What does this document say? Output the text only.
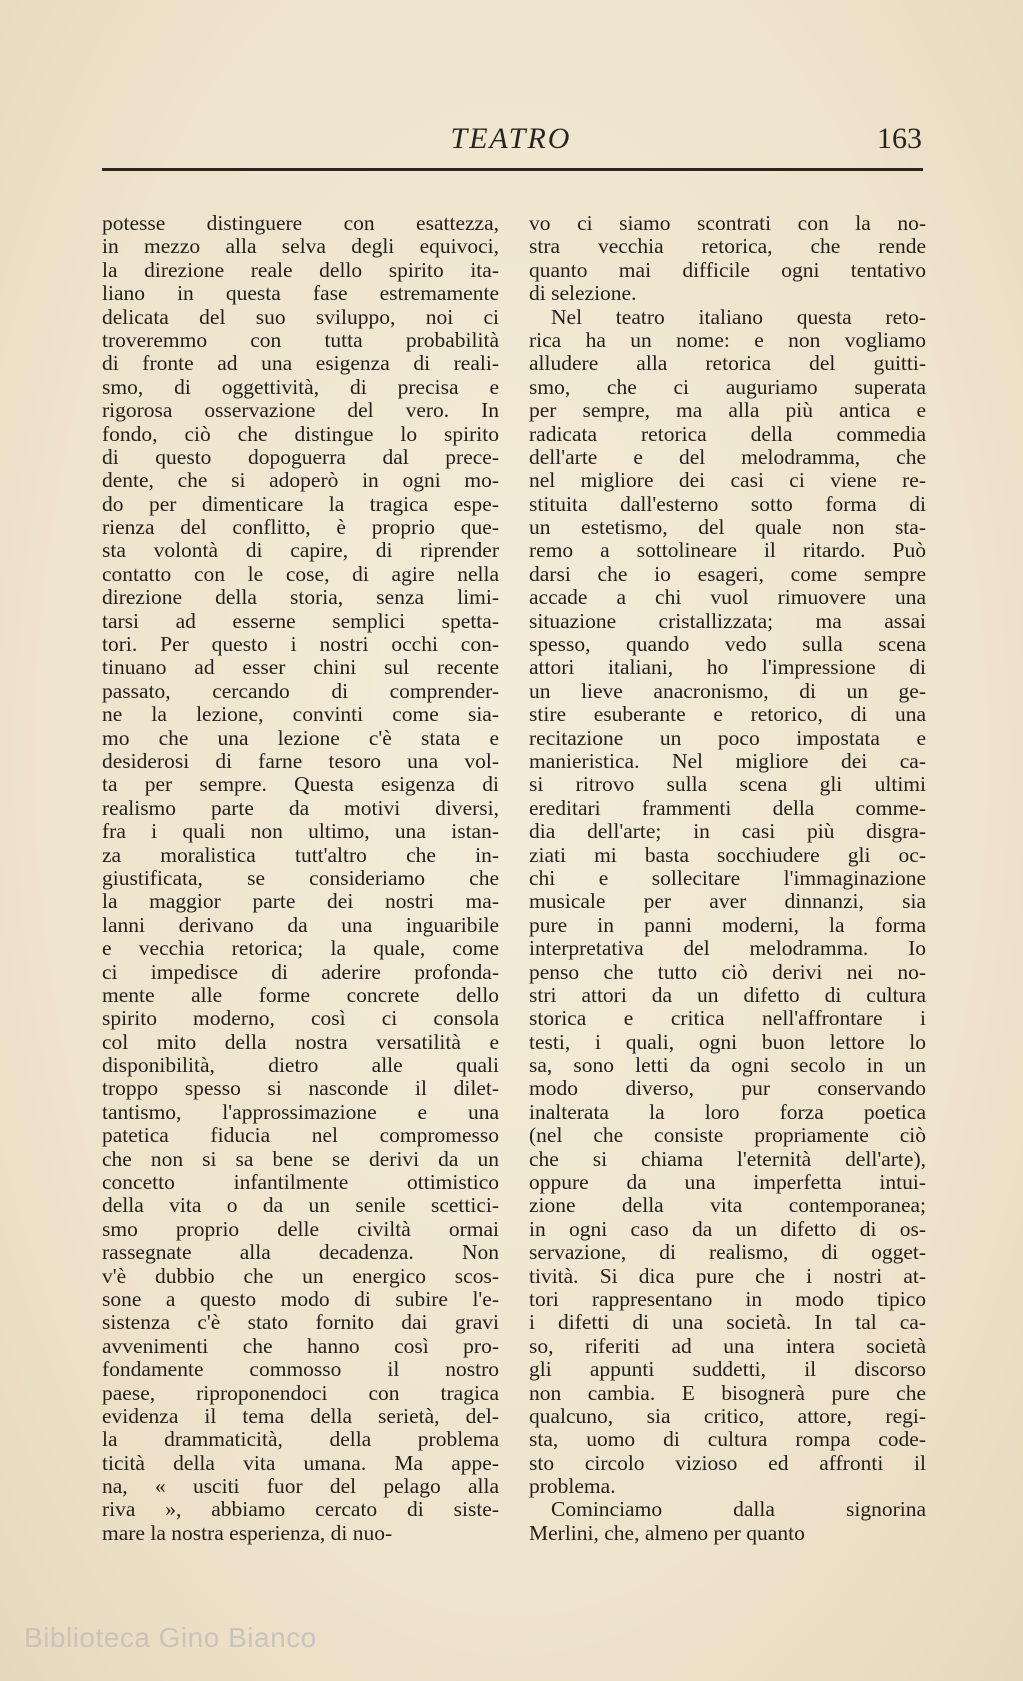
TEATRO	163
potesse distinguere con esattezza,
in mezzo alla selva degli equivoci,
la direzione reale dello spirito ita-
liano in questa fase estremamente
delicata del suo sviluppo, noi ci
troveremmo con tutta probabilità
di fronte ad una esigenza di reali-
smo, di oggettività, di precisa e
rigorosa osservazione del vero. In
fondo, ciò che distingue lo spirito
di questo dopoguerra dal prece-
dente, che si adoperò in ogni mo-
do per dimenticare la tragica espe-
rienza del conflitto, è proprio que-
sta volontà di capire, di riprender
contatto con le cose, di agire nella
direzione della storia, senza limi-
tarsi ad esserne semplici spetta-
tori. Per questo i nostri occhi con-
tinuano ad esser chini sul recente
passato, cercando di comprender-
ne la lezione, convinti come sia-
mo che una lezione c'è stata e
desiderosi di farne tesoro una vol-
ta per sempre. Questa esigenza di
realismo parte da motivi diversi,
fra i quali non ultimo, una istan-
za moralistica tutt'altro che in-
giustificata, se consideriamo che
la maggior parte dei nostri ma-
lanni derivano da una inguaribile
e vecchia retorica; la quale, come
ci impedisce di aderire profonda-
mente alle forme concrete dello
spirito moderno, così ci consola
col mito della nostra versatilità e
disponibilità, dietro alle quali
troppo spesso si nasconde il dilet-
tantismo, l'approssimazione e una
patetica fiducia nel compromesso
che non si sa bene se derivi da un
concetto infantilmente ottimistico
della vita o da un senile scettici-
smo proprio delle civiltà ormai
rassegnate alla decadenza. Non
v'è dubbio che un energico scos-
sone a questo modo di subire l'e-
sistenza c'è stato fornito dai gravi
avvenimenti che hanno così pro-
fondamente commosso il nostro
paese, riproponendoci con tragica
evidenza il tema della serietà, del-
la drammaticità, della problema
ticità della vita umana. Ma appe-
na, « usciti fuor del pelago alla
riva », abbiamo cercato di siste-
mare la nostra esperienza, di nuo-
vo ci siamo scontrati con la no-
stra vecchia retorica, che rende
quanto mai difficile ogni tentativo
di selezione.
Nel teatro italiano questa reto-
rica ha un nome: e non vogliamo
alludere alla retorica del guitti-
smo, che ci auguriamo superata
per sempre, ma alla più antica e
radicata retorica della commedia
dell'arte e del melodramma, che
nel migliore dei casi ci viene re-
stituita dall'esterno sotto forma di
un estetismo, del quale non sta-
remo a sottolineare il ritardo. Può
darsi che io esageri, come sempre
accade a chi vuol rimuovere una
situazione cristallizzata; ma assai
spesso, quando vedo sulla scena
attori italiani, ho l'impressione di
un lieve anacronismo, di un ge-
stire esuberante e retorico, di una
recitazione un poco impostata e
manieristica. Nel migliore dei ca-
si ritrovo sulla scena gli ultimi
ereditari frammenti della comme-
dia dell'arte; in casi più disgra-
ziati mi basta socchiudere gli oc-
chi e sollecitare l'immaginazione
musicale per aver dinnanzi, sia
pure in panni moderni, la forma
interpretativa del melodramma. Io
penso che tutto ciò derivi nei no-
stri attori da un difetto di cultura
storica e critica nell'affrontare i
testi, i quali, ogni buon lettore lo
sa, sono letti da ogni secolo in un
modo diverso, pur conservando
inalterata la loro forza poetica
(nel che consiste propriamente ciò
che si chiama l'eternità dell'arte),
oppure da una imperfetta intui-
zione della vita contemporanea;
in ogni caso da un difetto di os-
servazione, di realismo, di ogget-
tività. Si dica pure che i nostri at-
tori rappresentano in modo tipico
i difetti di una società. In tal ca-
so, riferiti ad una intera società
gli appunti suddetti, il discorso
non cambia. E bisognerà pure che
qualcuno, sia critico, attore, regi-
sta, uomo di cultura rompa code-
sto circolo vizioso ed affronti il
problema.
Cominciamo dalla signorina
Merlini, che, almeno per quanto
Biblioteca Gino Bianco
